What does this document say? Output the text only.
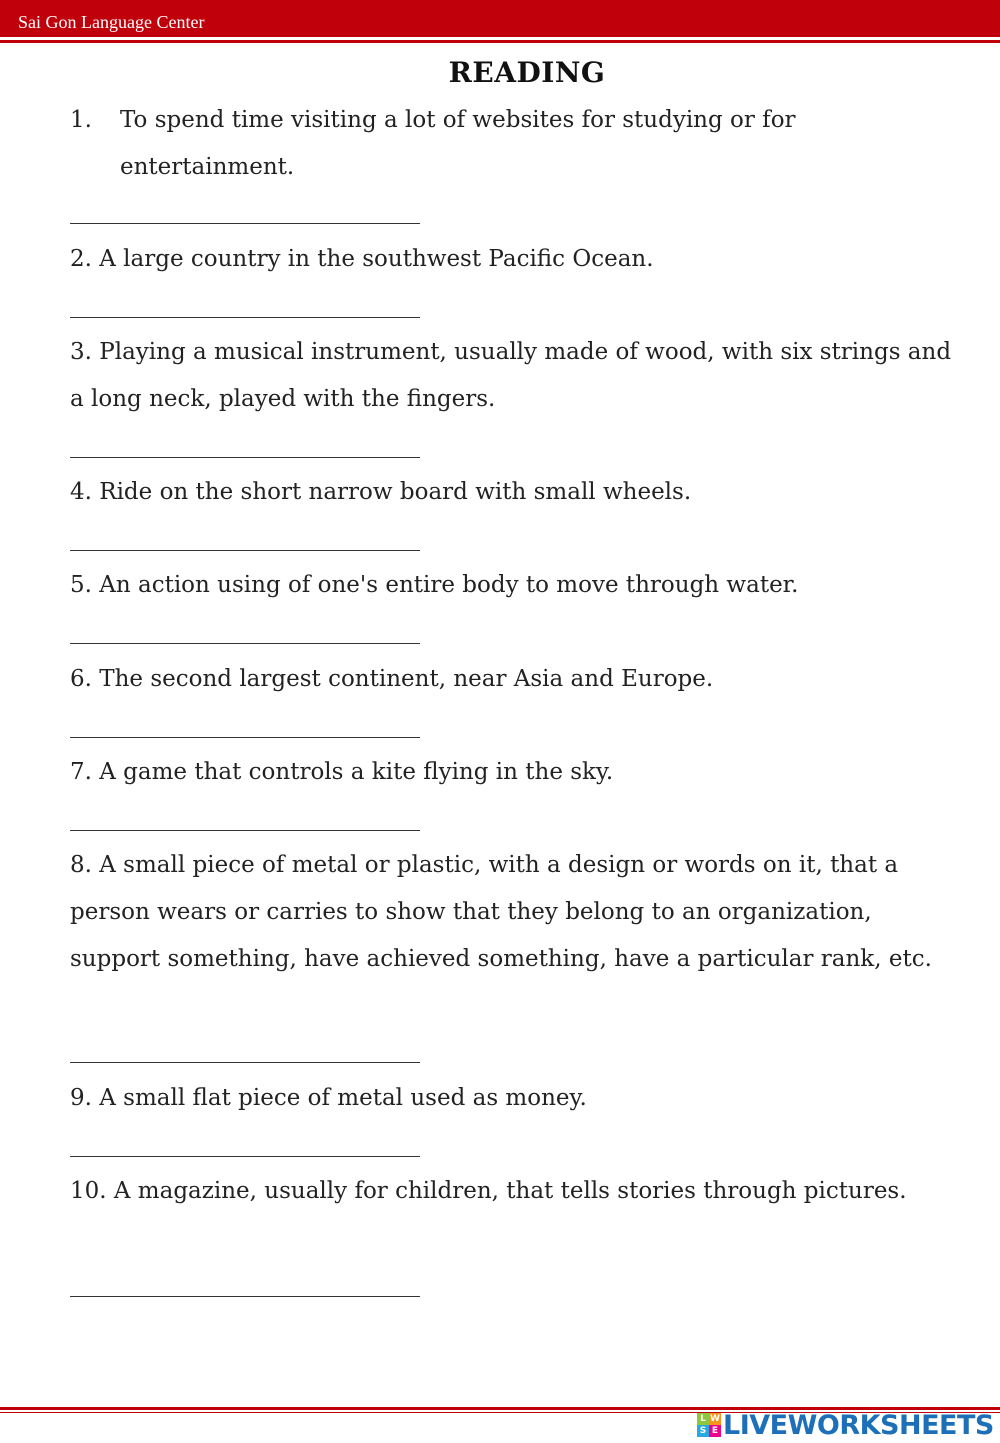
Sai Gon Language Center
READING
1. To spend time visiting a lot of websites for studying or for entertainment.
2. A large country in the southwest Pacific Ocean.
3. Playing a musical instrument, usually made of wood, with six strings and a long neck, played with the fingers.
4. Ride on the short narrow board with small wheels.
5. An action using of one's entire body to move through water.
6. The second largest continent, near Asia and Europe.
7. A game that controls a kite flying in the sky.
8. A small piece of metal or plastic, with a design or words on it, that a person wears or carries to show that they belong to an organization, support something, have achieved something, have a particular rank, etc.
9. A small flat piece of metal used as money.
10. A magazine, usually for children, that tells stories through pictures.
L W
S E LIVEWORKSHEETS
